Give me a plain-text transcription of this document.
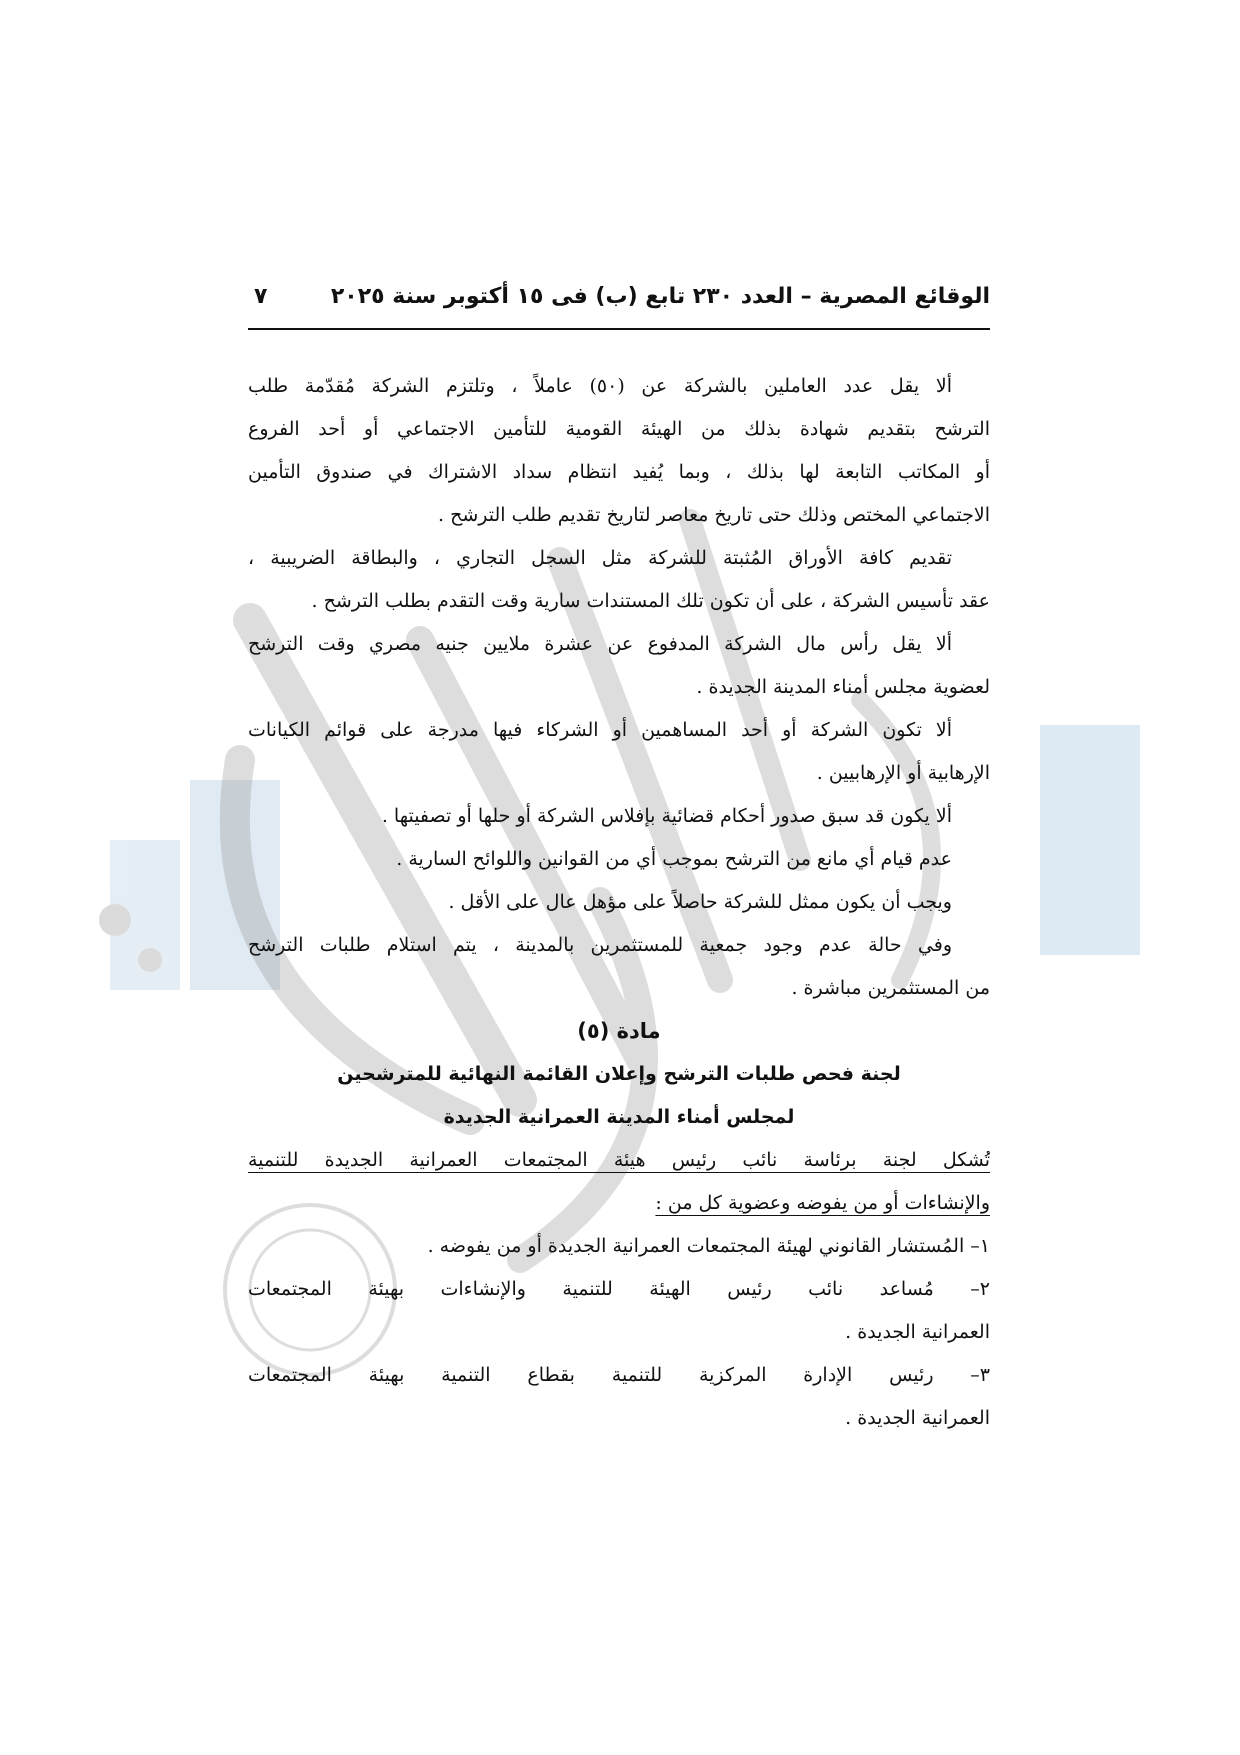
الوقائع المصرية – العدد ٢٣٠ تابع (ب) فى ١٥ أكتوبر سنة ٢٠٢٥
٧
ألا يقل عدد العاملين بالشركة عن (٥٠) عاملاً ، وتلتزم الشركة مُقدّمة طلب
الترشح بتقديم شهادة بذلك من الهيئة القومية للتأمين الاجتماعي أو أحد الفروع
أو المكاتب التابعة لها بذلك ، وبما يُفيد انتظام سداد الاشتراك في صندوق التأمين
الاجتماعي المختص وذلك حتى تاريخ معاصر لتاريخ تقديم طلب الترشح .
تقديم كافة الأوراق المُثبتة للشركة مثل السجل التجاري ، والبطاقة الضريبية ،
عقد تأسيس الشركة ، على أن تكون تلك المستندات سارية وقت التقدم بطلب الترشح .
ألا يقل رأس مال الشركة المدفوع عن عشرة ملايين جنيه مصري وقت الترشح
لعضوية مجلس أمناء المدينة الجديدة .
ألا تكون الشركة أو أحد المساهمين أو الشركاء فيها مدرجة على قوائم الكيانات
الإرهابية أو الإرهابيين .
ألا يكون قد سبق صدور أحكام قضائية بإفلاس الشركة أو حلها أو تصفيتها .
عدم قيام أي مانع من الترشح بموجب أي من القوانين واللوائح السارية .
ويجب أن يكون ممثل للشركة حاصلاً على مؤهل عال على الأقل .
وفي حالة عدم وجود جمعية للمستثمرين بالمدينة ، يتم استلام طلبات الترشح
من المستثمرين مباشرة .
مادة (٥)
لجنة فحص طلبات الترشح وإعلان القائمة النهائية للمترشحين
لمجلس أمناء المدينة العمرانية الجديدة
تُشكل لجنة برئاسة نائب رئيس هيئة المجتمعات العمرانية الجديدة للتنمية
والإنشاءات أو من يفوضه وعضوية كل من :
١– المُستشار القانوني لهيئة المجتمعات العمرانية الجديدة أو من يفوضه .
٢– مُساعد نائب رئيس الهيئة للتنمية والإنشاءات بهيئة المجتمعات
العمرانية الجديدة .
٣– رئيس الإدارة المركزية للتنمية بقطاع التنمية بهيئة المجتمعات
العمرانية الجديدة .
